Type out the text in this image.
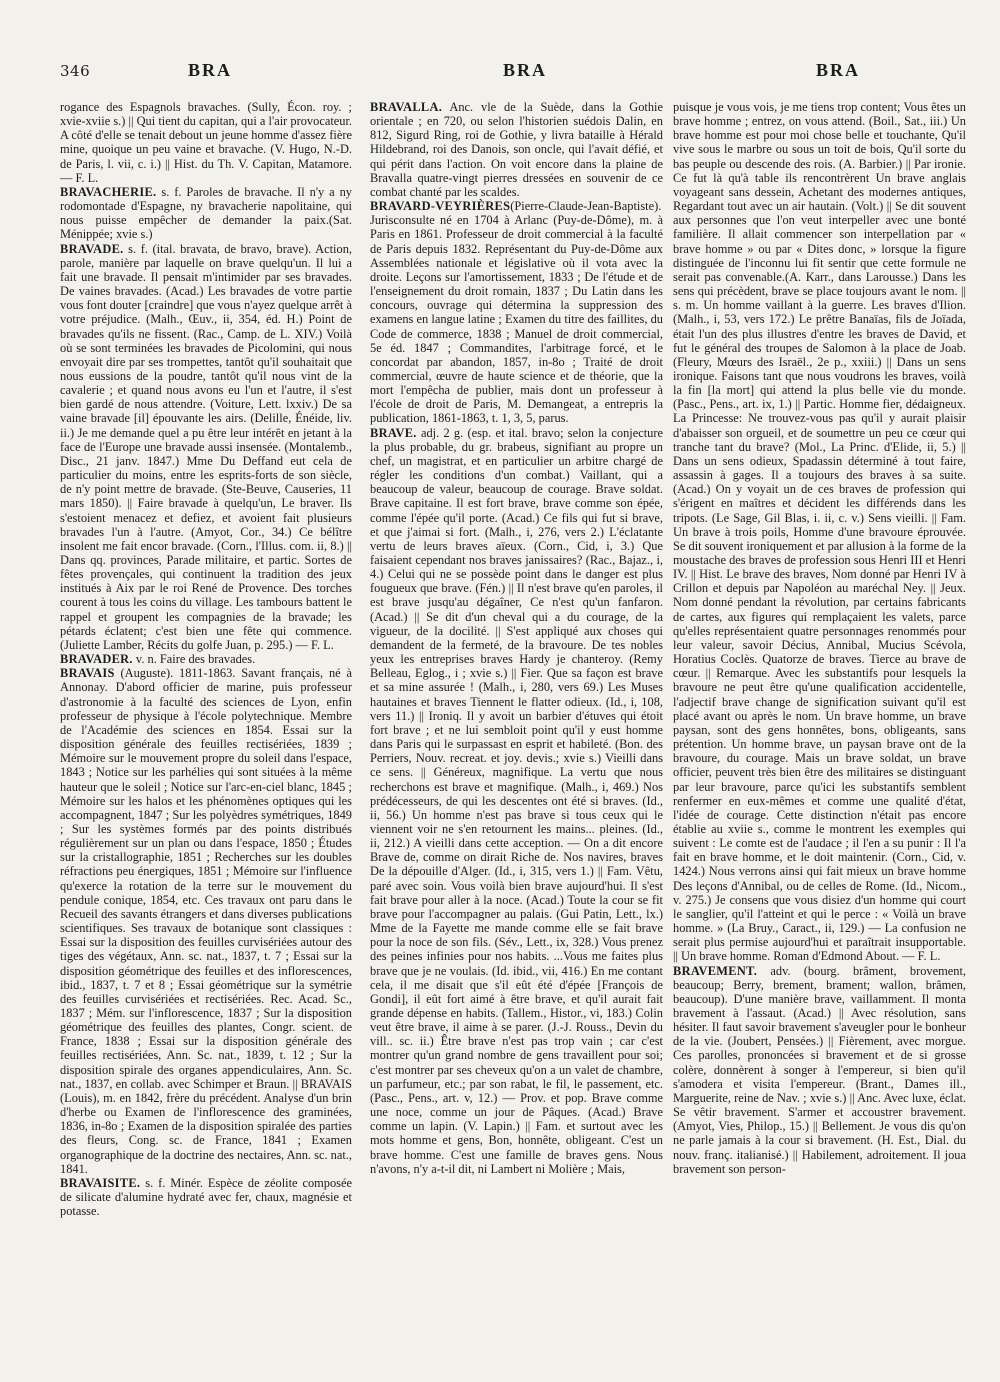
346	BRA	BRA	BRA

rogance des Espagnols bravaches. (Sully, Écon. roy. ; xvie-xviie s.) || Qui tient du capitan, qui a l'air provocateur. A côté d'elle se tenait debout un jeune homme d'assez fière mine, quoique un peu vaine et bravache. (V. Hugo, N.-D. de Paris, l. vii, c. i.) || Hist. du Th. V. Capitan, Matamore. — F. L.

BRAVACHERIE. s. f. Paroles de bravache. Il n'y a ny rodomontade d'Espagne, ny bravacherie napolitaine, qui nous puisse empêcher de demander la paix.(Sat. Ménippée; xvie s.)

BRAVADE. s. f. (ital. bravata, de bravo, brave). Action, parole, manière par laquelle on brave quelqu'un. Il lui a fait une bravade. Il pensait m'intimider par ses bravades. De vaines bravades. (Acad.) Les bravades de votre partie vous font douter [craindre] que vous n'ayez quelque arrêt à votre préjudice. (Malh., Œuv., ii, 354, éd. H.) Point de bravades qu'ils ne fissent. (Rac., Camp. de L. XIV.) Voilà où se sont terminées les bravades de Picolomini, qui nous envoyait dire par ses trompettes, tantôt qu'il souhaitait que nous eussions de la poudre, tantôt qu'il nous vint de la cavalerie ; et quand nous avons eu l'un et l'autre, il s'est bien gardé de nous attendre. (Voiture, Lett. lxxiv.) De sa vaine bravade [il] épouvante les airs. (Delille, Énéide, liv. ii.) Je me demande quel a pu être leur intérêt en jetant à la face de l'Europe une bravade aussi insensée. (Montalemb., Disc., 21 janv. 1847.) Mme Du Deffand eut cela de particulier du moins, entre les esprits-forts de son siècle, de n'y point mettre de bravade. (Ste-Beuve, Causeries, 11 mars 1850). || Faire bravade à quelqu'un, Le braver. Ils s'estoient menacez et defiez, et avoient fait plusieurs bravades l'un à l'autre. (Amyot, Cor., 34.) Ce bélître insolent me fait encor bravade. (Corn., l'Illus. com. ii, 8.) || Dans qq. provinces, Parade militaire, et partic. Sortes de fêtes provençales, qui continuent la tradition des jeux institués à Aix par le roi René de Provence. Des torches courent à tous les coins du village. Les tambours battent le rappel et groupent les compagnies de la bravade; les pétards éclatent; c'est bien une fête qui commence. (Juliette Lamber, Récits du golfe Juan, p. 295.) — F. L.

BRAVADER. v. n. Faire des bravades.

BRAVAIS (Auguste). 1811-1863. Savant français, né à Annonay. D'abord officier de marine, puis professeur d'astronomie à la faculté des sciences de Lyon, enfin professeur de physique à l'école polytechnique. Membre de l'Académie des sciences en 1854. Essai sur la disposition générale des feuilles rectisériées, 1839 ; Mémoire sur le mouvement propre du soleil dans l'espace, 1843 ; Notice sur les parhélies qui sont situées à la même hauteur que le soleil ; Notice sur l'arc-en-ciel blanc, 1845 ; Mémoire sur les halos et les phénomènes optiques qui les accompagnent, 1847 ; Sur les polyèdres symétriques, 1849 ; Sur les systèmes formés par des points distribués régulièrement sur un plan ou dans l'espace, 1850 ; Études sur la cristallographie, 1851 ; Recherches sur les doubles réfractions peu énergiques, 1851 ; Mémoire sur l'influence qu'exerce la rotation de la terre sur le mouvement du pendule conique, 1854, etc. Ces travaux ont paru dans le Recueil des savants étrangers et dans diverses publications scientifiques. Ses travaux de botanique sont classiques : Essai sur la disposition des feuilles curvisériées autour des tiges des végétaux, Ann. sc. nat., 1837, t. 7 ; Essai sur la disposition géométrique des feuilles et des inflorescences, ibid., 1837, t. 7 et 8 ; Essai géométrique sur la symétrie des feuilles curvisériées et rectisériées. Rec. Acad. Sc., 1837 ; Mém. sur l'inflorescence, 1837 ; Sur la disposition géométrique des feuilles des plantes, Congr. scient. de France, 1838 ; Essai sur la disposition générale des feuilles rectisériées, Ann. Sc. nat., 1839, t. 12 ; Sur la disposition spirale des organes appendiculaires, Ann. Sc. nat., 1837, en collab. avec Schimper et Braun. || BRAVAIS (Louis), m. en 1842, frère du précédent. Analyse d'un brin d'herbe ou Examen de l'inflorescence des graminées, 1836, in-8o ; Examen de la disposition spiralée des parties des fleurs, Cong. sc. de France, 1841 ; Examen organographique de la doctrine des nectaires, Ann. sc. nat., 1841.

BRAVAISITE. s. f. Minér. Espèce de zéolite composée de silicate d'alumine hydraté avec fer, chaux, magnésie et potasse.

BRAVALLA. Anc. vle de la Suède, dans la Gothie orientale ; en 720, ou selon l'historien suédois Dalin, en 812, Sigurd Ring, roi de Gothie, y livra bataille à Hérald Hildebrand, roi des Danois, son oncle, qui l'avait défié, et qui périt dans l'action. On voit encore dans la plaine de Bravalla quatre-vingt pierres dressées en souvenir de ce combat chanté par les scaldes.

BRAVARD-VEYRIÈRES(Pierre-Claude-Jean-Baptiste). Jurisconsulte né en 1704 à Arlanc (Puy-de-Dôme), m. à Paris en 1861. Professeur de droit commercial à la faculté de Paris depuis 1832. Représentant du Puy-de-Dôme aux Assemblées nationale et législative où il vota avec la droite. Leçons sur l'amortissement, 1833 ; De l'étude et de l'enseignement du droit romain, 1837 ; Du Latin dans les concours, ouvrage qui détermina la suppression des examens en langue latine ; Examen du titre des faillites, du Code de commerce, 1838 ; Manuel de droit commercial, 5e éd. 1847 ; Commandites, l'arbitrage forcé, et le concordat par abandon, 1857, in-8o ; Traité de droit commercial, œuvre de haute science et de théorie, que la mort l'empêcha de publier, mais dont un professeur à l'école de droit de Paris, M. Demangeat, a entrepris la publication, 1861-1863, t. 1, 3, 5, parus.

BRAVE. adj. 2 g. (esp. et ital. bravo; selon la conjecture la plus probable, du gr. brabeus, signifiant au propre un chef, un magistrat, et en particulier un arbitre chargé de régler les conditions d'un combat.) Vaillant, qui a beaucoup de valeur, beaucoup de courage. Brave soldat. Brave capitaine. Il est fort brave, brave comme son épée, comme l'épée qu'il porte. (Acad.) Ce fils qui fut si brave, et que j'aimai si fort. (Malh., i, 276, vers 2.) L'éclatante vertu de leurs braves aïeux. (Corn., Cid, i, 3.) Que faisaient cependant nos braves janissaires? (Rac., Bajaz., i, 4.) Celui qui ne se possède point dans le danger est plus fougueux que brave. (Fén.) || Il n'est brave qu'en paroles, il est brave jusqu'au dégaîner, Ce n'est qu'un fanfaron. (Acad.) || Se dit d'un cheval qui a du courage, de la vigueur, de la docilité. || S'est appliqué aux choses qui demandent de la fermeté, de la bravoure. De tes nobles yeux les entreprises braves Hardy je chanteroy. (Remy Belleau, Eglog., i ; xvie s.) || Fier. Que sa façon est brave et sa mine assurée ! (Malh., i, 280, vers 69.) Les Muses hautaines et braves Tiennent le flatter odieux. (Id., i, 108, vers 11.) || Ironiq. Il y avoit un barbier d'étuves qui étoit fort brave ; et ne lui sembloit point qu'il y eust homme dans Paris qui le surpassast en esprit et habileté. (Bon. des Perriers, Nouv. recreat. et joy. devis.; xvie s.) Vieilli dans ce sens. || Généreux, magnifique. La vertu que nous recherchons est brave et magnifique. (Malh., i, 469.) Nos prédécesseurs, de qui les descentes ont été si braves. (Id., ii, 56.) Un homme n'est pas brave si tous ceux qui le viennent voir ne s'en retournent les mains... pleines. (Id., ii, 212.) A vieilli dans cette acception. — On a dit encore Brave de, comme on dirait Riche de. Nos navires, braves De la dépouille d'Alger. (Id., i, 315, vers 1.) || Fam. Vêtu, paré avec soin. Vous voilà bien brave aujourd'hui. Il s'est fait brave pour aller à la noce. (Acad.) Toute la cour se fit brave pour l'accompagner au palais. (Gui Patin, Lett., lx.) Mme de la Fayette me mande comme elle se fait brave pour la noce de son fils. (Sév., Lett., ix, 328.) Vous prenez des peines infinies pour nos habits. ...Vous me faites plus brave que je ne voulais. (Id. ibid., vii, 416.) En me contant cela, il me disait que s'il eût été d'épée [François de Gondi], il eût fort aimé à être brave, et qu'il aurait fait grande dépense en habits. (Tallem., Histor., vi, 183.) Colin veut être brave, il aime à se parer. (J.-J. Rouss., Devin du vill.. sc. ii.) Être brave n'est pas trop vain ; car c'est montrer qu'un grand nombre de gens travaillent pour soi; c'est montrer par ses cheveux qu'on a un valet de chambre, un parfumeur, etc.; par son rabat, le fil, le passement, etc. (Pasc., Pens., art. v, 12.) — Prov. et pop. Brave comme une noce, comme un jour de Pâques. (Acad.) Brave comme un lapin. (V. Lapin.) || Fam. et surtout avec les mots homme et gens, Bon, honnête, obligeant. C'est un brave homme. C'est une famille de braves gens. Nous n'avons, n'y a-t-il dit, ni Lambert ni Molière ; Mais,

puisque je vous vois, je me tiens trop content; Vous êtes un brave homme ; entrez, on vous attend. (Boil., Sat., iii.) Un brave homme est pour moi chose belle et touchante, Qu'il vive sous le marbre ou sous un toit de bois, Qu'il sorte du bas peuple ou descende des rois. (A. Barbier.) || Par ironie. Ce fut là qu'à table ils rencontrèrent Un brave anglais voyageant sans dessein, Achetant des modernes antiques, Regardant tout avec un air hautain. (Volt.) || Se dit souvent aux personnes que l'on veut interpeller avec une bonté familière. Il allait commencer son interpellation par « brave homme » ou par « Dites donc, » lorsque la figure distinguée de l'inconnu lui fit sentir que cette formule ne serait pas convenable.(A. Karr., dans Larousse.) Dans les sens qui précèdent, brave se place toujours avant le nom. || s. m. Un homme vaillant à la guerre. Les braves d'Ilion. (Malh., i, 53, vers 172.) Le prêtre Banaïas, fils de Joïada, était l'un des plus illustres d'entre les braves de David, et fut le général des troupes de Salomon à la place de Joab. (Fleury, Mœurs des Israël., 2e p., xxiii.) || Dans un sens ironique. Faisons tant que nous voudrons les braves, voilà la fin [la mort] qui attend la plus belle vie du monde. (Pasc., Pens., art. ix, 1.) || Partic. Homme fier, dédaigneux. La Princesse: Ne trouvez-vous pas qu'il y aurait plaisir d'abaisser son orgueil, et de soumettre un peu ce cœur qui tranche tant du brave? (Mol., La Princ. d'Elide, ii, 5.) || Dans un sens odieux, Spadassin déterminé à tout faire, assassin à gages. Il a toujours des braves à sa suite. (Acad.) On y voyait un de ces braves de profession qui s'érigent en maîtres et décident les différends dans les tripots. (Le Sage, Gil Blas, i. ii, c. v.) Sens vieilli. || Fam. Un brave à trois poils, Homme d'une bravoure éprouvée. Se dit souvent ironiquement et par allusion à la forme de la moustache des braves de profession sous Henri III et Henri IV. || Hist. Le brave des braves, Nom donné par Henri IV à Crillon et depuis par Napoléon au maréchal Ney. || Jeux. Nom donné pendant la révolution, par certains fabricants de cartes, aux figures qui remplaçaient les valets, parce qu'elles représentaient quatre personnages renommés pour leur valeur, savoir Décius, Annibal, Mucius Scévola, Horatius Coclès. Quatorze de braves. Tierce au brave de cœur. || Remarque. Avec les substantifs pour lesquels la bravoure ne peut être qu'une qualification accidentelle, l'adjectif brave change de signification suivant qu'il est placé avant ou après le nom. Un brave homme, un brave paysan, sont des gens honnêtes, bons, obligeants, sans prétention. Un homme brave, un paysan brave ont de la bravoure, du courage. Mais un brave soldat, un brave officier, peuvent très bien être des militaires se distinguant par leur bravoure, parce qu'ici les substantifs semblent renfermer en eux-mêmes et comme une qualité d'état, l'idée de courage. Cette distinction n'était pas encore établie au xviie s., comme le montrent les exemples qui suivent : Le comte est de l'audace ; il l'en a su punir : Il l'a fait en brave homme, et le doit maintenir. (Corn., Cid, v. 1424.) Nous verrons ainsi qui fait mieux un brave homme Des leçons d'Annibal, ou de celles de Rome. (Id., Nicom., v. 275.) Je consens que vous disiez d'un homme qui court le sanglier, qu'il l'atteint et qui le perce : « Voilà un brave homme. » (La Bruy., Caract., ii, 129.) — La confusion ne serait plus permise aujourd'hui et paraîtrait insupportable. || Un brave homme. Roman d'Edmond About. — F. L.

BRAVEMENT. adv. (bourg. brâment, brovement, beaucoup; Berry, brement, brament; wallon, brâmen, beaucoup). D'une manière brave, vaillamment. Il monta bravement à l'assaut. (Acad.) || Avec résolution, sans hésiter. Il faut savoir bravement s'aveugler pour le bonheur de la vie. (Joubert, Pensées.) || Fièrement, avec morgue. Ces parolles, prononcées si bravement et de si grosse colère, donnèrent à songer à l'empereur, si bien qu'il s'amodera et visita l'empereur. (Brant., Dames ill., Marguerite, reine de Nav. ; xvie s.) || Anc. Avec luxe, éclat. Se vêtir bravement. S'armer et accoustrer bravement. (Amyot, Vies, Philop., 15.) || Bellement. Je vous dis qu'on ne parle jamais à la cour si bravement. (H. Est., Dial. du nouv. franç. italianisé.) || Habilement, adroitement. Il joua bravement son person-
